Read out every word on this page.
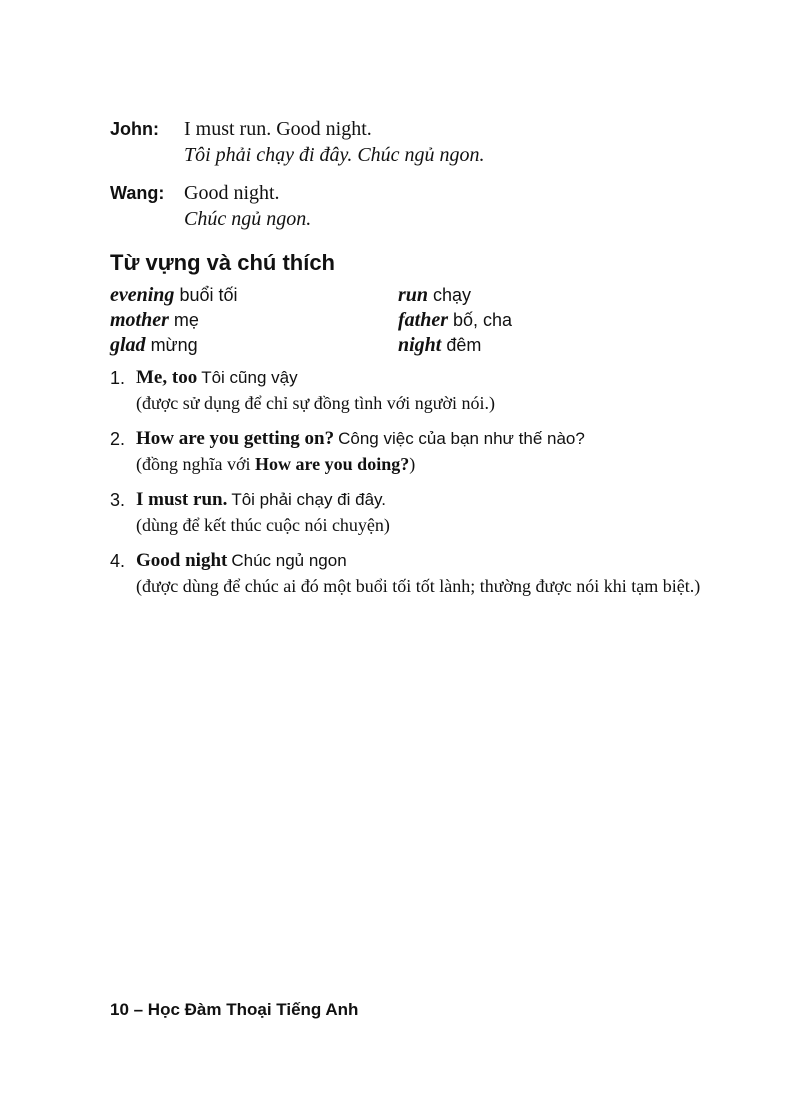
John:	I must run. Good night.
Tôi phải chạy đi đây. Chúc ngủ ngon.
Wang: Good night.
Chúc ngủ ngon.
Từ vựng và chú thích
evening buổi tối	run chạy
mother mẹ	father bố, cha
glad mừng	night đêm
1. Me, too Tôi cũng vậy
(được sử dụng để chỉ sự đồng tình với người nói.)
2. How are you getting on? Công việc của bạn như thế nào?
(đồng nghĩa với How are you doing?)
3. I must run. Tôi phải chạy đi đây.
(dùng để kết thúc cuộc nói chuyện)
4. Good night Chúc ngủ ngon
(được dùng để chúc ai đó một buổi tối tốt lành; thường được nói khi tạm biệt.)
10 – Học Đàm Thoại Tiếng Anh
